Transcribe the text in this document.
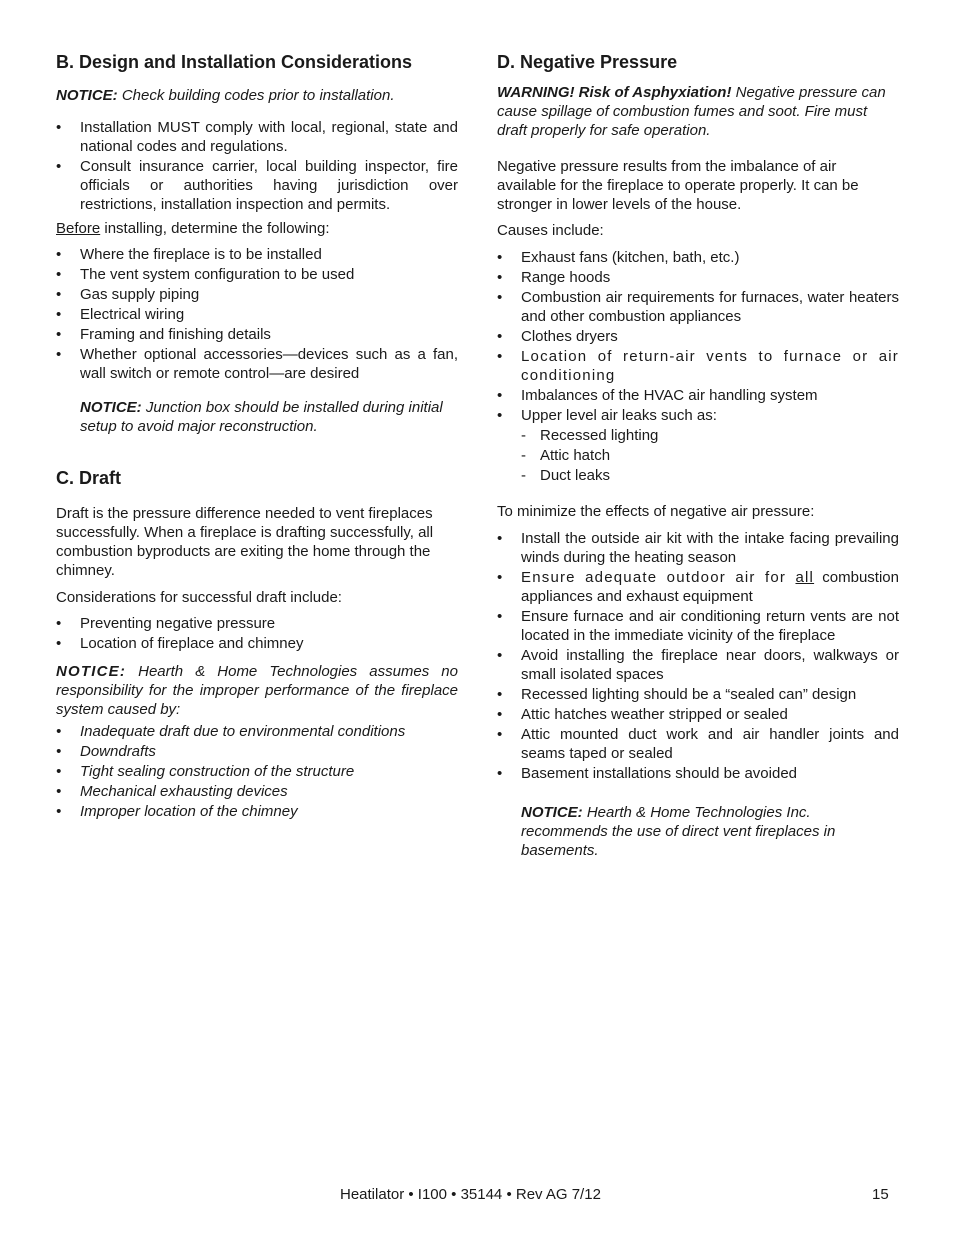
B. Design and Installation Considerations

NOTICE: Check building codes prior to installation.

• Installation MUST comply with local, regional, state and national codes and regulations.
• Consult insurance carrier, local building inspector, fire officials or authorities having jurisdiction over restrictions, installation inspection and permits.

Before installing, determine the following:

• Where the fireplace is to be installed
• The vent system configuration to be used
• Gas supply piping
• Electrical wiring
• Framing and finishing details
• Whether optional accessories—devices such as a fan, wall switch or remote control—are desired

NOTICE: Junction box should be installed during initial setup to avoid major reconstruction.

C. Draft

Draft is the pressure difference needed to vent fireplaces successfully. When a fireplace is drafting successfully, all combustion byproducts are exiting the home through the chimney.

Considerations for successful draft include:

• Preventing negative pressure
• Location of fireplace and chimney

NOTICE: Hearth & Home Technologies assumes no responsibility for the improper performance of the fireplace system caused by:

• Inadequate draft due to environmental conditions
• Downdrafts
• Tight sealing construction of the structure
• Mechanical exhausting devices
• Improper location of the chimney
D. Negative Pressure

WARNING! Risk of Asphyxiation! Negative pressure can cause spillage of combustion fumes and soot. Fire must draft properly for safe operation.

Negative pressure results from the imbalance of air available for the fireplace to operate properly. It can be stronger in lower levels of the house.

Causes include:

• Exhaust fans (kitchen, bath, etc.)
• Range hoods
• Combustion air requirements for furnaces, water heaters and other combustion appliances
• Clothes dryers
• Location of return-air vents to furnace or air conditioning
• Imbalances of the HVAC air handling system
• Upper level air leaks such as:
- Recessed lighting
- Attic hatch
- Duct leaks

To minimize the effects of negative air pressure:

• Install the outside air kit with the intake facing prevailing winds during the heating season
• Ensure adequate outdoor air for all combustion appliances and exhaust equipment
• Ensure furnace and air conditioning return vents are not located in the immediate vicinity of the fireplace
• Avoid installing the fireplace near doors, walkways or small isolated spaces
• Recessed lighting should be a “sealed can” design
• Attic hatches weather stripped or sealed
• Attic mounted duct work and air handler joints and seams taped or sealed
• Basement installations should be avoided

NOTICE: Hearth & Home Technologies Inc. recommends the use of direct vent fireplaces in basements.

Heatilator • I100 • 35144 • Rev AG 7/12	15
